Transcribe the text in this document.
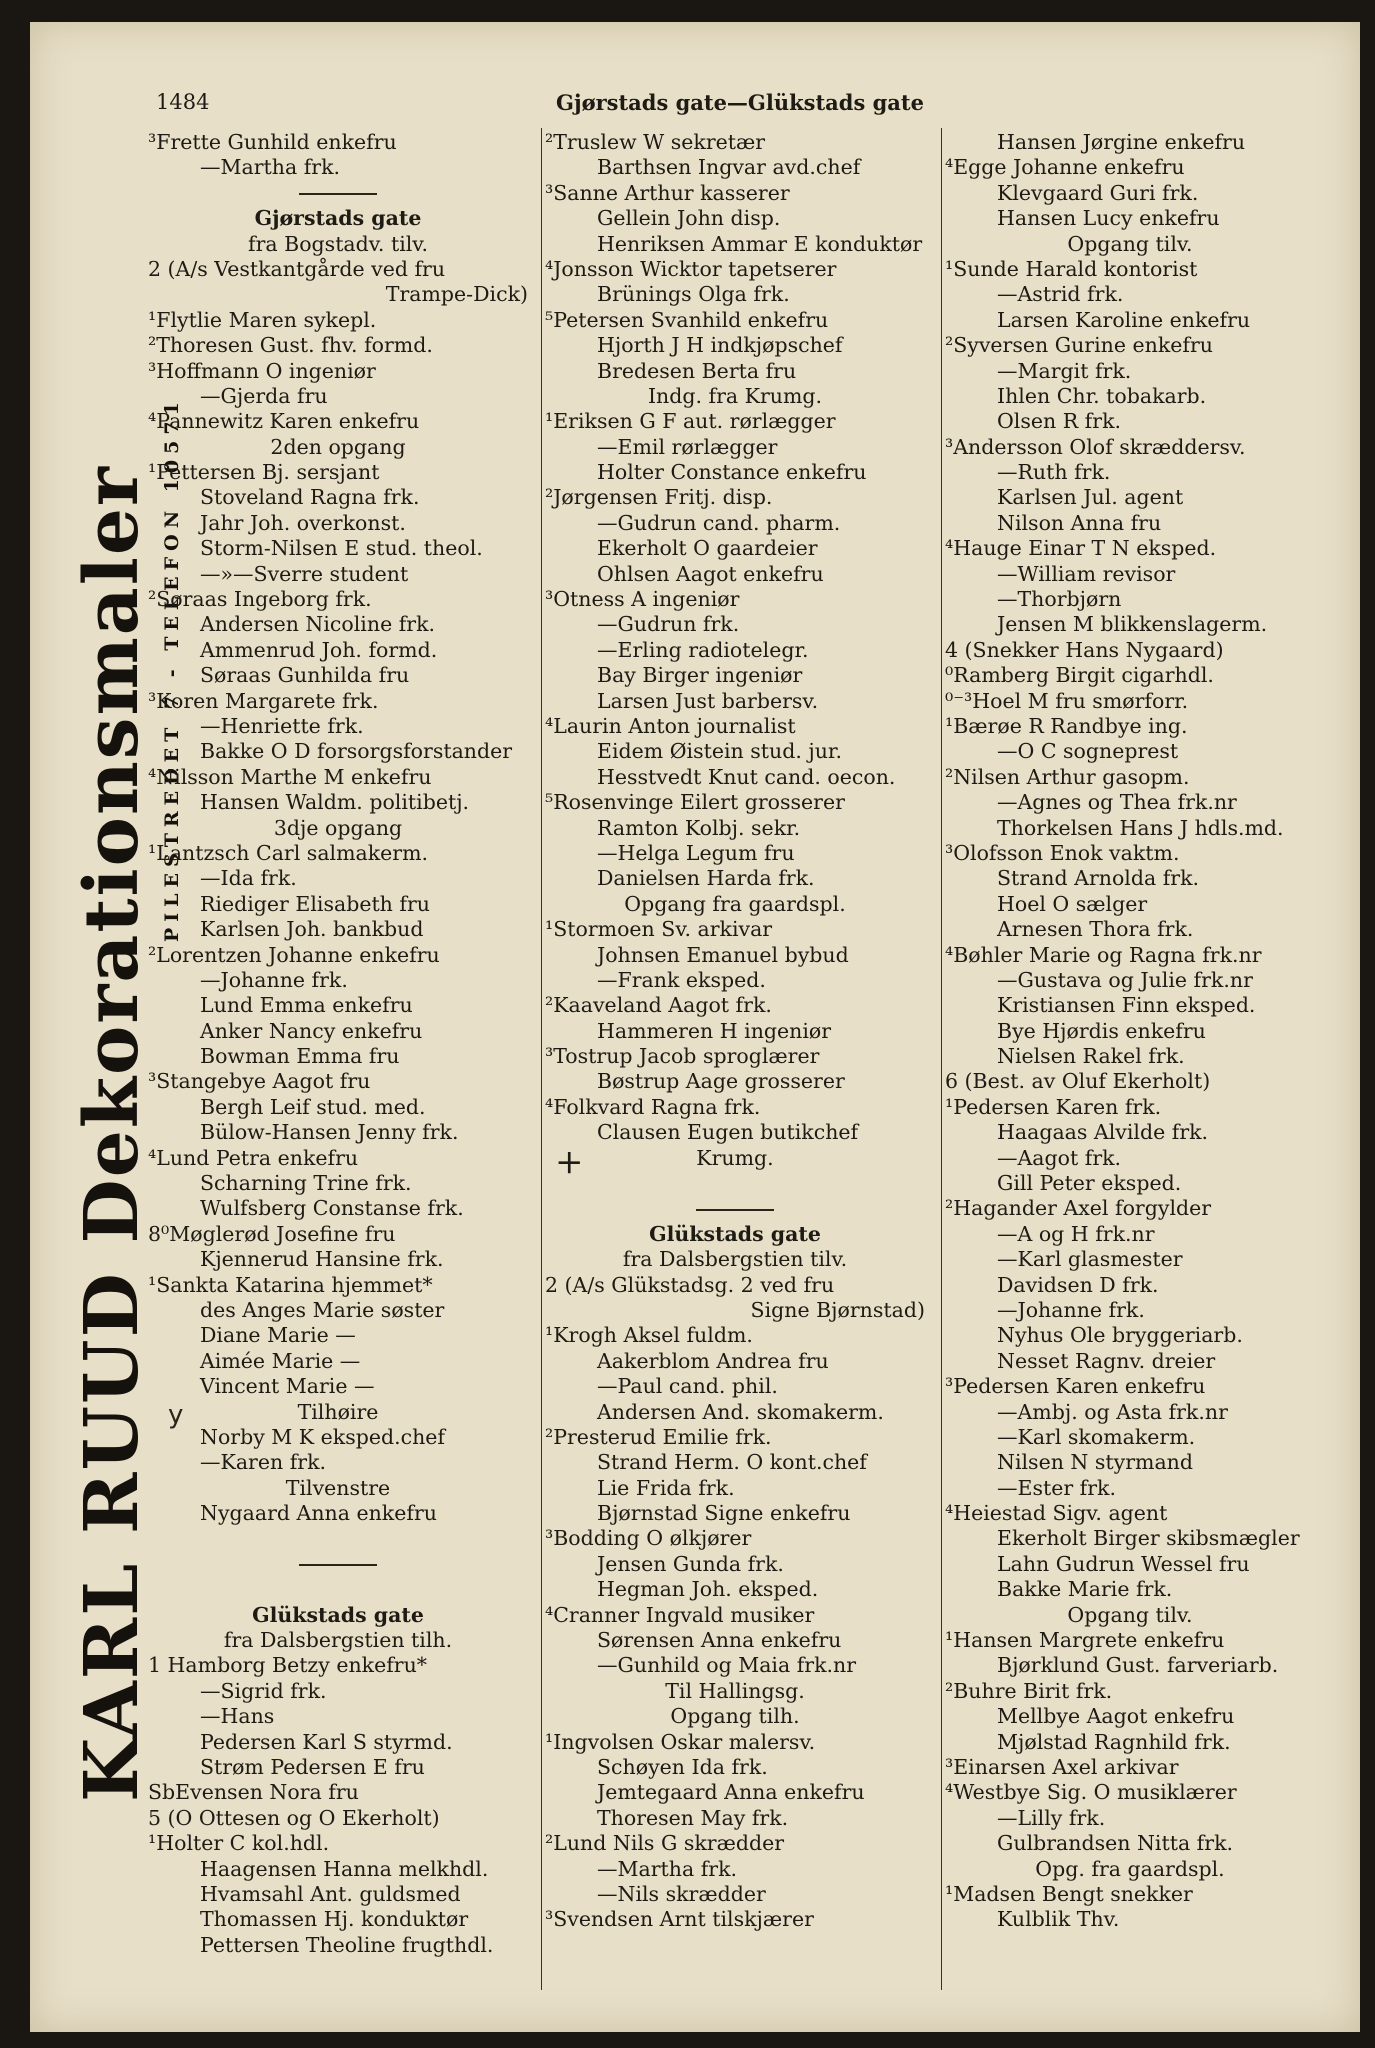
KARL RUUD Dekorationsmaler PILESTREDET 7 - TELEFON 10571
1484	Gjørstads gate—Glükstads gate
³Frette Gunhild enkefru
—Martha frk.
Gjørstads gate
fra Bogstadv. tilv.
2 (A/s Vestkantgårde ved fru
Trampe-Dick)
¹Flytlie Maren sykepl.
²Thoresen Gust. fhv. formd.
³Hoffmann O ingeniør
—Gjerda fru
⁴Pannewitz Karen enkefru
2den opgang
¹Pettersen Bj. sersjant
Stoveland Ragna frk.
Jahr Joh. overkonst.
Storm-Nilsen E stud. theol.
—»—Sverre student
²Søraas Ingeborg frk.
Andersen Nicoline frk.
Ammenrud Joh. formd.
Søraas Gunhilda fru
³Koren Margarete frk.
—Henriette frk.
Bakke O D forsorgsforstander
⁴Nilsson Marthe M enkefru
Hansen Waldm. politibetj.
3dje opgang
¹Lantzsch Carl salmakerm.
—Ida frk.
Riediger Elisabeth fru
Karlsen Joh. bankbud
²Lorentzen Johanne enkefru
—Johanne frk.
Lund Emma enkefru
Anker Nancy enkefru
Bowman Emma fru
³Stangebye Aagot fru
Bergh Leif stud. med.
Bülow-Hansen Jenny frk.
⁴Lund Petra enkefru
Scharning Trine frk.
Wulfsberg Constanse frk.
8⁰Møglerød Josefine fru
Kjennerud Hansine frk.
¹Sankta Katarina hjemmet*
des Anges Marie søster
Diane Marie —
Aimée Marie —
Vincent Marie —
Tilhøire
Norby M K eksped.chef
—Karen frk.
Tilvenstre
Nygaard Anna enkefru
Glükstads gate
fra Dalsbergstien tilh.
1 Hamborg Betzy enkefru*
—Sigrid frk.
—Hans
Pedersen Karl S styrmd.
Strøm Pedersen E fru
SbEvensen Nora fru
5 (O Ottesen og O Ekerholt)
¹Holter C kol.hdl.
Haagensen Hanna melkhdl.
Hvamsahl Ant. guldsmed
Thomassen Hj. konduktør
Pettersen Theoline frugthdl.
²Truslew W sekretær
Barthsen Ingvar avd.chef
³Sanne Arthur kasserer
Gellein John disp.
Henriksen Ammar E konduktør
⁴Jonsson Wicktor tapetserer
Brünings Olga frk.
⁵Petersen Svanhild enkefru
Hjorth J H indkjøpschef
Bredesen Berta fru
Indg. fra Krumg.
¹Eriksen G F aut. rørlægger
—Emil rørlægger
Holter Constance enkefru
²Jørgensen Fritj. disp.
—Gudrun cand. pharm.
Ekerholt O gaardeier
Ohlsen Aagot enkefru
³Otness A ingeniør
—Gudrun frk.
—Erling radiotelegr.
Bay Birger ingeniør
Larsen Just barbersv.
⁴Laurin Anton journalist
Eidem Øistein stud. jur.
Hesstvedt Knut cand. oecon.
⁵Rosenvinge Eilert grosserer
Ramton Kolbj. sekr.
—Helga Legum fru
Danielsen Harda frk.
Opgang fra gaardspl.
¹Stormoen Sv. arkivar
Johnsen Emanuel bybud
—Frank eksped.
²Kaaveland Aagot frk.
Hammeren H ingeniør
³Tostrup Jacob sproglærer
Bøstrup Aage grosserer
⁴Folkvard Ragna frk.
Clausen Eugen butikchef
Krumg.
Glükstads gate
fra Dalsbergstien tilv.
2 (A/s Glükstadsg. 2 ved fru
Signe Bjørnstad)
¹Krogh Aksel fuldm.
Aakerblom Andrea fru
—Paul cand. phil.
Andersen And. skomakerm.
²Presterud Emilie frk.
Strand Herm. O kont.chef
Lie Frida frk.
Bjørnstad Signe enkefru
³Bodding O ølkjører
Jensen Gunda frk.
Hegman Joh. eksped.
⁴Cranner Ingvald musiker
Sørensen Anna enkefru
—Gunhild og Maia frk.nr
Til Hallingsg.
Opgang tilh.
¹Ingvolsen Oskar malersv.
Schøyen Ida frk.
Jemtegaard Anna enkefru
Thoresen May frk.
²Lund Nils G skrædder
—Martha frk.
—Nils skrædder
³Svendsen Arnt tilskjærer
Hansen Jørgine enkefru
⁴Egge Johanne enkefru
Klevgaard Guri frk.
Hansen Lucy enkefru
Opgang tilv.
¹Sunde Harald kontorist
—Astrid frk.
Larsen Karoline enkefru
²Syversen Gurine enkefru
—Margit frk.
Ihlen Chr. tobakarb.
Olsen R frk.
³Andersson Olof skræddersv.
—Ruth frk.
Karlsen Jul. agent
Nilson Anna fru
⁴Hauge Einar T N eksped.
—William revisor
—Thorbjørn
Jensen M blikkenslagerm.
4 (Snekker Hans Nygaard)
⁰Ramberg Birgit cigarhdl.
⁰⁻³Hoel M fru smørforr.
¹Bærøe R Randbye ing.
—O C sogneprest
²Nilsen Arthur gasopm.
—Agnes og Thea frk.nr
Thorkelsen Hans J hdls.md.
³Olofsson Enok vaktm.
Strand Arnolda frk.
Hoel O sælger
Arnesen Thora frk.
⁴Bøhler Marie og Ragna frk.nr
—Gustava og Julie frk.nr
Kristiansen Finn eksped.
Bye Hjørdis enkefru
Nielsen Rakel frk.
6 (Best. av Oluf Ekerholt)
¹Pedersen Karen frk.
Haagaas Alvilde frk.
—Aagot frk.
Gill Peter eksped.
²Hagander Axel forgylder
—A og H frk.nr
—Karl glasmester
Davidsen D frk.
—Johanne frk.
Nyhus Ole bryggeriarb.
Nesset Ragnv. dreier
³Pedersen Karen enkefru
—Ambj. og Asta frk.nr
—Karl skomakerm.
Nilsen N styrmand
—Ester frk.
⁴Heiestad Sigv. agent
Ekerholt Birger skibsmægler
Lahn Gudrun Wessel fru
Bakke Marie frk.
Opgang tilv.
¹Hansen Margrete enkefru
Bjørklund Gust. farveriarb.
²Buhre Birit frk.
Mellbye Aagot enkefru
Mjølstad Ragnhild frk.
³Einarsen Axel arkivar
⁴Westbye Sig. O musiklærer
—Lilly frk.
Gulbrandsen Nitta frk.
Opg. fra gaardspl.
¹Madsen Bengt snekker
Kulblik Thv.
+
y
